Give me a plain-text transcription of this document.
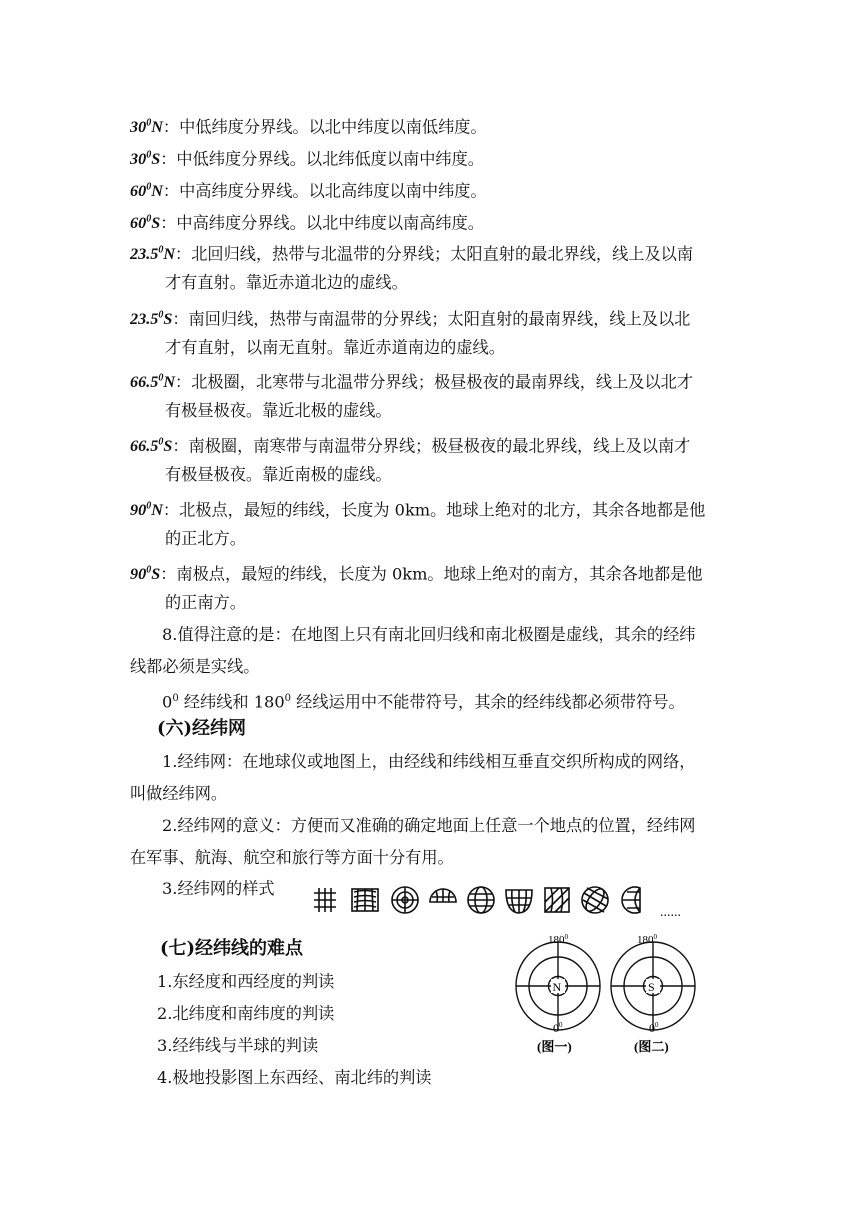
$30^0N$：中低纬度分界线。以北中纬度以南低纬度。
$30^0S$：中低纬度分界线。以北纬低度以南中纬度。
$60^0N$：中高纬度分界线。以北高纬度以南中纬度。
$60^0S$：中高纬度分界线。以北中纬度以南高纬度。
23.5$^0$N：北回归线，热带与北温带的分界线；太阳直射的最北界线，线上及以南
才有直射。靠近赤道北边的虚线。
23.5$^0$S：南回归线，热带与南温带的分界线；太阳直射的最南界线，线上及以北
才有直射，以南无直射。靠近赤道南边的虚线。
66.5$^0$N：北极圈，北寒带与北温带分界线；极昼极夜的最南界线，线上及以北才
有极昼极夜。靠近北极的虚线。
66.5$^0$S：南极圈，南寒带与南温带分界线；极昼极夜的最北界线，线上及以南才
有极昼极夜。靠近南极的虚线。
$90^0N$：北极点，最短的纬线，长度为 0km。地球上绝对的北方，其余各地都是他
的正北方。
$90^0S$：南极点，最短的纬线，长度为 0km。地球上绝对的南方，其余各地都是他
的正南方。
8.值得注意的是：在地图上只有南北回归线和南北极圈是虚线，其余的经纬
线都必须是实线。
$0^0$ 经纬线和 $180^0$ 经线运用中不能带符号，其余的经纬线都必须带符号。
(六)经纬网
1.经纬网：在地球仪或地图上，由经线和纬线相互垂直交织所构成的网络，
叫做经纬网。
2.经纬网的意义：方便而又准确的确定地面上任意一个地点的位置，经纬网
在军事、航海、航空和旅行等方面十分有用。
3.经纬网的样式
......
(七)经纬线的难点
1.东经度和西经度的判读
2.北纬度和南纬度的判读
3.经纬线与半球的判读
4.极地投影图上东西经、南北纬的判读
$180^0$
N
$0^0$
(图一)
$180^0$
S
$0^0$
(图二)
